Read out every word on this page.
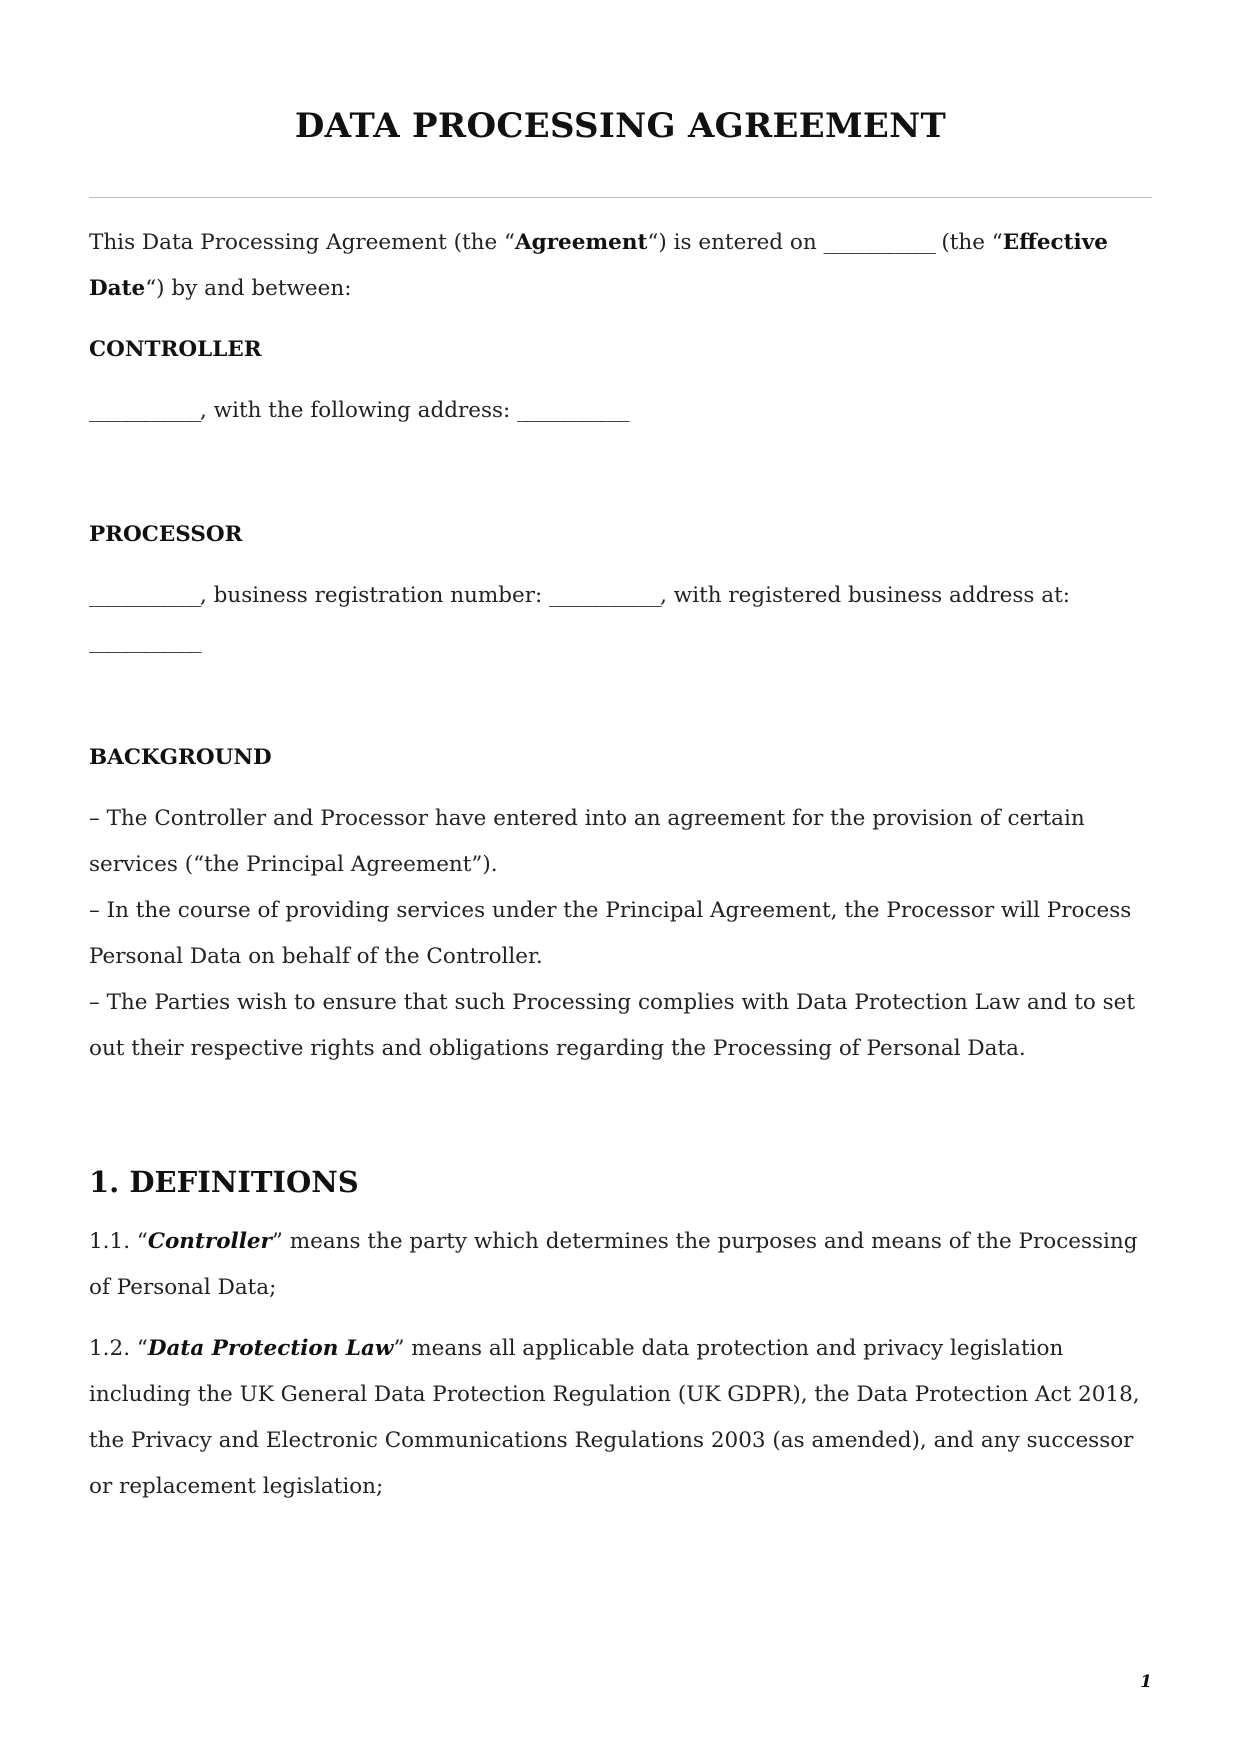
DATA PROCESSING AGREEMENT

This Data Processing Agreement (the “Agreement“) is entered on ____________ (the “Effective
Date“) by and between:

CONTROLLER

____________, with the following address: ____________

PROCESSOR

____________, business registration number: ____________, with registered business address at:
____________

BACKGROUND

– The Controller and Processor have entered into an agreement for the provision of certain services (“the Principal Agreement”).

– In the course of providing services under the Principal Agreement, the Processor will Process Personal Data on behalf of the Controller.

– The Parties wish to ensure that such Processing complies with Data Protection Law and to set out their respective rights and obligations regarding the Processing of Personal Data.

1. DEFINITIONS

1.1. “Controller” means the party which determines the purposes and means of the Processing of Personal Data;

1.2. “Data Protection Law” means all applicable data protection and privacy legislation including the UK General Data Protection Regulation (UK GDPR), the Data Protection Act 2018, the Privacy and Electronic Communications Regulations 2003 (as amended), and any successor or replacement legislation;

1
